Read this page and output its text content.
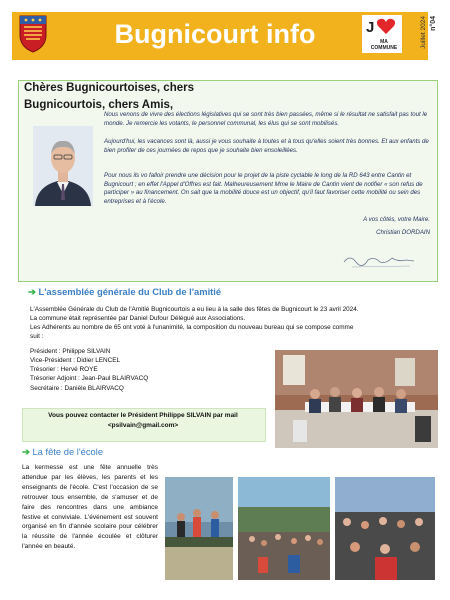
Bugnicourt info	J
MA COMMUNE	Juillet 2024 n°04
Chères Bugnicourtoises, chers
Bugnicourtois, chers Amis,
Nous venons de vivre des élections législatives qui se sont très bien passées, même si le résultat ne satisfait pas tout le monde. Je remercie les votants, le personnel communal, les élus qui se sont mobilisés.
Aujourd'hui, les vacances sont là, aussi je vous souhaite à toutes et à tous qu'elles soient très bonnes. Et aux enfants de bien profiter de ces journées de repos que je souhaite bien ensoleillées.
Pour nous ils vo falloir prendre une décision pour le projet de la piste cyclable le long de la RD 643 entre Cantin et Bugnicourt ; en effet l'Appel d'Offres est fait. Malheureusement Mme le Maire de Cantin vient de notifier « son refus de participer » au financement. On sait que la mobilité douce est un objectif, qu'il faut favoriser cette mobilité ou sein des entreprises et à l'école.
A vos côtés, votre Maire.
Christian DORDAIN
➔ L'assemblée générale du Club de l'amitié
L'Assemblée Générale du Club de l'Amitié Bugnicourtois a eu lieu à la salle des fêtes de Bugnicourt le 23 avril 2024.
La commune était représentée par Daniel Dufour Délégué aux Associations.
Les Adhérents au nombre de 65 ont voté à l'unanimité, la composition du nouveau bureau qui se compose comme
suit :
Président : Philippe SILVAIN
Vice-Président : Didier LENCEL
Trésorier : Hervé ROYE
Trésorier Adjoint : Jean-Paul BLAIRVACQ
Secrétaire : Danièle BLAIRVACQ
Vous pouvez contacter le Président Philippe SILVAIN par mail
<psilvain@gmail.com>
➔ La fête de l'école
La kermesse est une fête annuelle très attendue par les élèves, les parents et les enseignants de l'école. C'est l'occasion de se retrouver tous ensemble, de s'amuser et de faire des rencontres dans une ambiance festive et conviviale. L'événement est souvent organisé en fin d'année scolaire pour célébrer la réussite de l'année écoulée et clôturer l'année en beauté.
